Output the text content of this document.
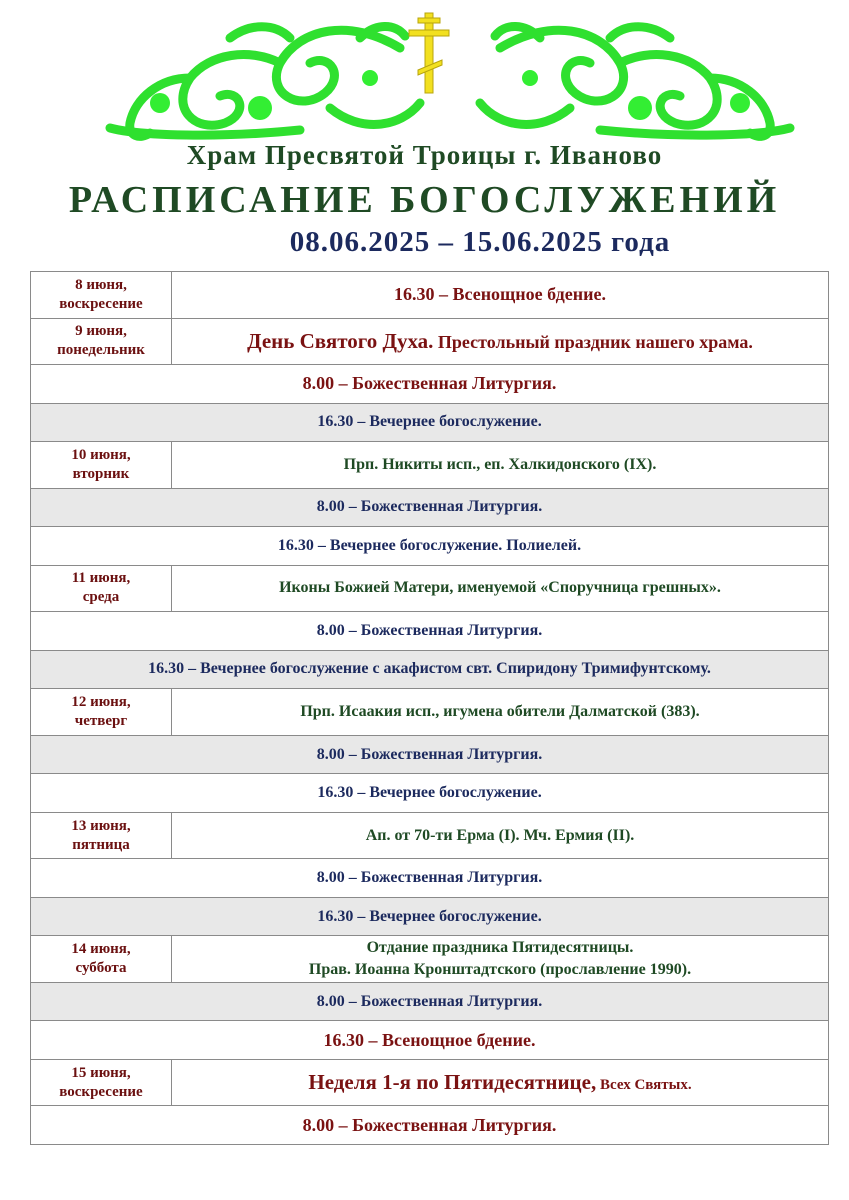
Храм Пресвятой Троицы г. Иваново
РАСПИСАНИЕ БОГОСЛУЖЕНИЙ
08.06.2025 – 15.06.2025 года
8 июня,
воскресение	16.30 – Всенощное бдение.
9 июня,
понедельник	День Святого Духа. Престольный праздник нашего храма.
8.00 – Божественная Литургия.	
16.30 – Вечернее богослужение.	
10 июня,
вторник	Прп. Никиты исп., еп. Халкидонского (IX).
8.00 – Божественная Литургия.	
16.30 – Вечернее богослужение. Полиелей.	
11 июня,
среда	Иконы Божией Матери, именуемой «Споручница грешных».
8.00 – Божественная Литургия.	
16.30 – Вечернее богослужение с акафистом свт. Спиридону Тримифунтскому.	
12 июня,
четверг	Прп. Исаакия исп., игумена обители Далматской (383).
8.00 – Божественная Литургия.	
16.30 – Вечернее богослужение.	
13 июня,
пятница	Ап. от 70-ти Ерма (I). Мч. Ермия (II).
8.00 – Божественная Литургия.	
16.30 – Вечернее богослужение.	
14 июня,
суббота	Отдание праздника Пятидесятницы.
Прав. Иоанна Кронштадтского (прославление 1990).
8.00 – Божественная Литургия.	
16.30 – Всенощное бдение.	
15 июня,
воскресение	Неделя 1-я по Пятидесятнице, Всех Святых.
8.00 – Божественная Литургия.	
